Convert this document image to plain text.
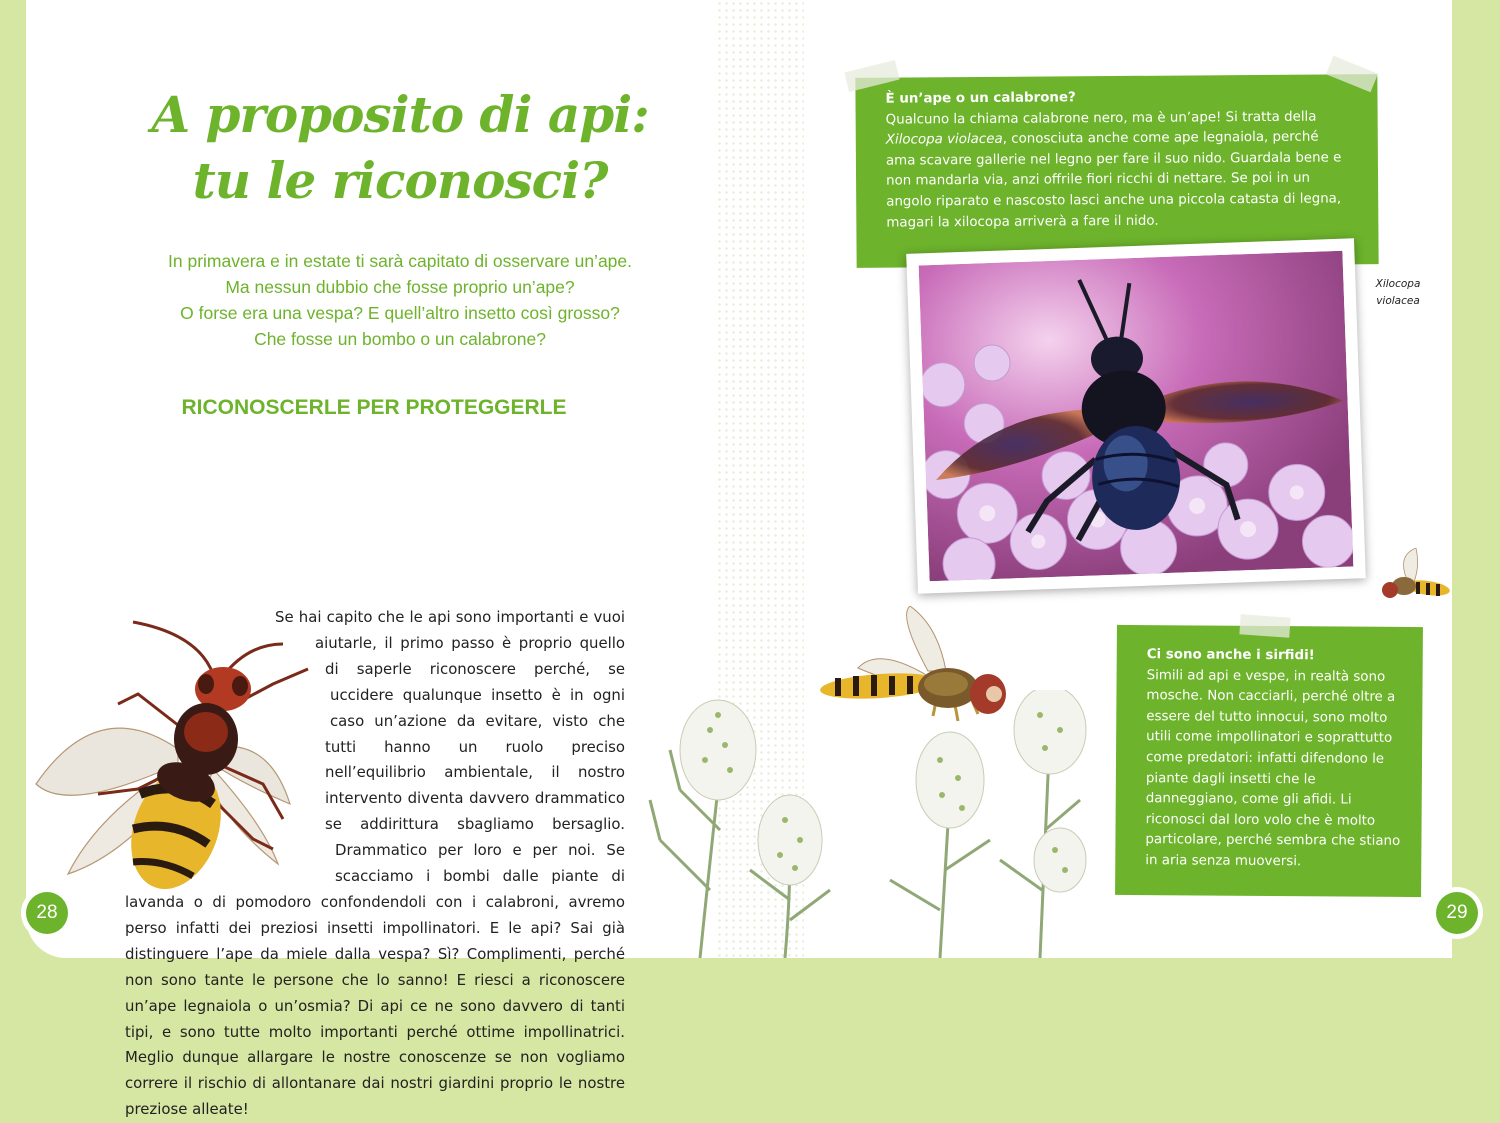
A proposito di api:
tu le riconosci?

In primavera e in estate ti sarà capitato di osservare un’ape.

Ma nessun dubbio che fosse proprio un’ape?

O forse era una vespa? E quell’altro insetto così grosso?

Che fosse un bombo o un calabrone?

RICONOSCERLE PER PROTEGGERLE

Se hai capito che le api sono importanti e vuoi aiutarle, il primo passo è proprio quello di saperle riconoscere perché, se uccidere qualunque insetto è in ogni caso un’azione da evitare, visto che tutti hanno un ruolo preciso nell’equilibrio ambientale, il nostro intervento diventa davvero drammatico se addirittura sbagliamo bersaglio. Drammatico per loro e per noi. Se scacciamo i bombi dalle piante di lavanda o di pomodoro confondendoli con i calabroni, avremo perso infatti dei preziosi insetti impollinatori. E le api? Sai già distinguere l’ape da miele dalla vespa? Sì? Complimenti, perché non sono tante le persone che lo sanno! E riesci a riconoscere un’ape legnaiola o un’osmia? Di api ce ne sono davvero di tanti tipi, e sono tutte molto importanti perché ottime impollinatrici. Meglio dunque allargare le nostre conoscenze se non vogliamo correre il rischio di allontanare dai nostri giardini proprio le nostre preziose alleate!

28
È un’ape o un calabrone?
Qualcuno la chiama calabrone nero, ma è un’ape! Si tratta della Xilocopa violacea, conosciuta anche come ape legnaiola, perché ama scavare gallerie nel legno per fare il suo nido. Guardala bene e non mandarla via, anzi offrile fiori ricchi di nettare. Se poi in un angolo riparato e nascosto lasci anche una piccola catasta di legna, magari la xilocopa arriverà a fare il nido.
Xilocopa
violacea
Ci sono anche i sirfidi!
Simili ad api e vespe, in realtà sono mosche. Non cacciarli, perché oltre a essere del tutto innocui, sono molto utili come impollinatori e soprattutto come predatori: infatti difendono le piante dagli insetti che le danneggiano, come gli afidi. Li riconosci dal loro volo che è molto particolare, perché sembra che stiano in aria senza muoversi.
29
